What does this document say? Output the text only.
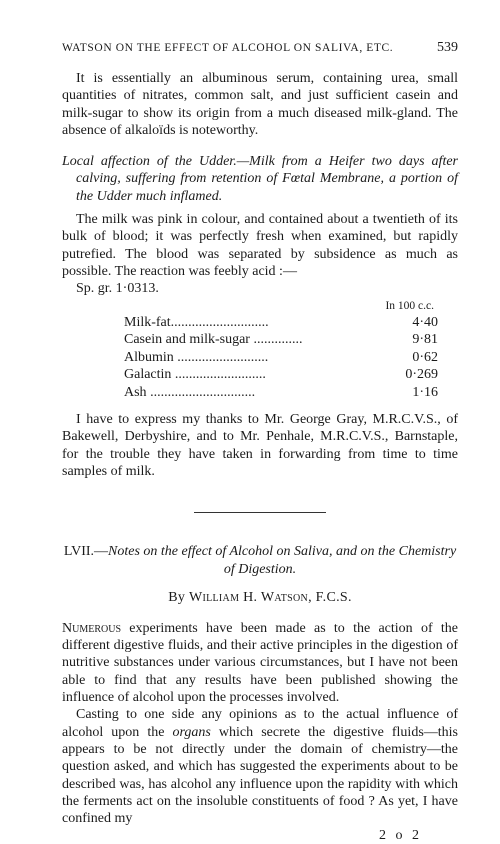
WATSON ON THE EFFECT OF ALCOHOL ON SALIVA, ETC.	539

It is essentially an albuminous serum, containing urea, small quantities of nitrates, common salt, and just sufficient casein and milk-sugar to show its origin from a much diseased milk-gland. The absence of alkaloïds is noteworthy.

Local affection of the Udder.—Milk from a Heifer two days after calving, suffering from retention of Fœtal Membrane, a portion of the Udder much inflamed.

The milk was pink in colour, and contained about a twentieth of its bulk of blood; it was perfectly fresh when examined, but rapidly putrefied. The blood was separated by subsidence as much as possible. The reaction was feebly acid :—

Sp. gr. 1·0313.

In 100 c.c.
Milk-fat............................	4·40
Casein and milk-sugar ..............	9·81
Albumin ..........................	0·62
Galactin ..........................	0·269
Ash ..............................	1·16

I have to express my thanks to Mr. George Gray, M.R.C.V.S., of Bakewell, Derbyshire, and to Mr. Penhale, M.R.C.V.S., Barnstaple, for the trouble they have taken in forwarding from time to time samples of milk.

LVII.—Notes on the effect of Alcohol on Saliva, and on the Chemistry of Digestion.

By William H. Watson, F.C.S.

Numerous experiments have been made as to the action of the different digestive fluids, and their active principles in the digestion of nutritive substances under various circumstances, but I have not been able to find that any results have been published showing the influence of alcohol upon the processes involved.

Casting to one side any opinions as to the actual influence of alcohol upon the organs which secrete the digestive fluids—this appears to be not directly under the domain of chemistry—the question asked, and which has suggested the experiments about to be described was, has alcohol any influence upon the rapidity with which the ferments act on the insoluble constituents of food ? As yet, I have confined my

2 o 2
